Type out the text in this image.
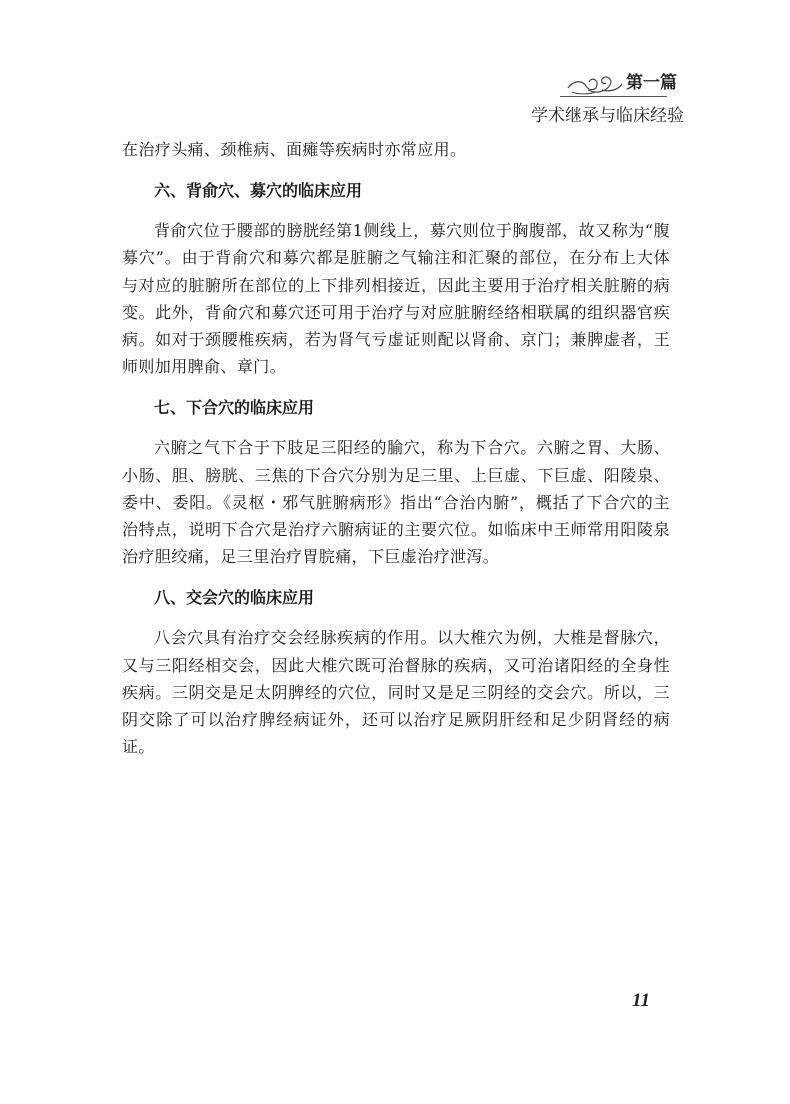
第一篇
学术继承与临床经验

在治疗头痛、颈椎病、面瘫等疾病时亦常应用。

六、背俞穴、募穴的临床应用

背俞穴位于腰部的膀胱经第1侧线上，募穴则位于胸腹部，故又称为“腹募穴”。由于背俞穴和募穴都是脏腑之气输注和汇聚的部位，在分布上大体与对应的脏腑所在部位的上下排列相接近，因此主要用于治疗相关脏腑的病变。此外，背俞穴和募穴还可用于治疗与对应脏腑经络相联属的组织器官疾病。如对于颈腰椎疾病，若为肾气亏虚证则配以肾俞、京门；兼脾虚者，王师则加用脾俞、章门。

七、下合穴的临床应用

六腑之气下合于下肢足三阳经的腧穴，称为下合穴。六腑之胃、大肠、小肠、胆、膀胱、三焦的下合穴分别为足三里、上巨虚、下巨虚、阳陵泉、委中、委阳。《灵枢・邪气脏腑病形》指出“合治内腑”，概括了下合穴的主治特点，说明下合穴是治疗六腑病证的主要穴位。如临床中王师常用阳陵泉治疗胆绞痛，足三里治疗胃脘痛，下巨虚治疗泄泻。

八、交会穴的临床应用

八会穴具有治疗交会经脉疾病的作用。以大椎穴为例，大椎是督脉穴，又与三阳经相交会，因此大椎穴既可治督脉的疾病，又可治诸阳经的全身性疾病。三阴交是足太阴脾经的穴位，同时又是足三阴经的交会穴。所以，三阴交除了可以治疗脾经病证外，还可以治疗足厥阴肝经和足少阴肾经的病证。

11
